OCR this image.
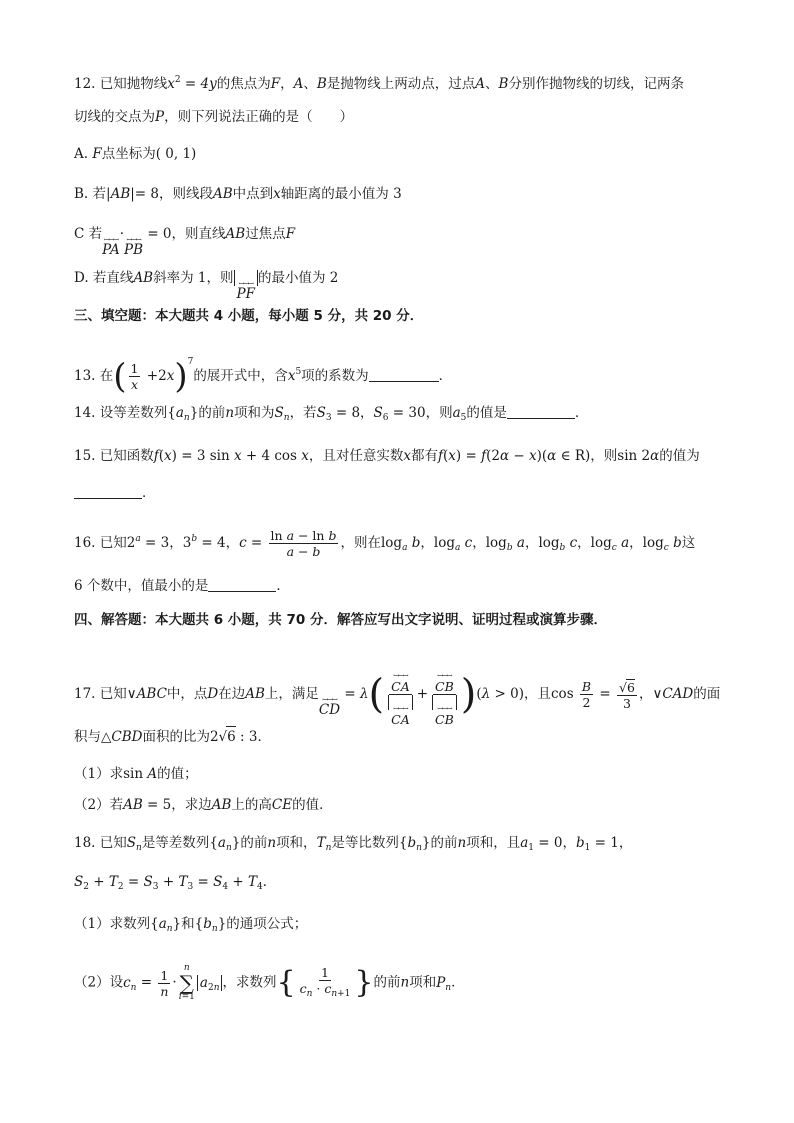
12. 已知抛物线$x^2 = 4y$的焦点为F，A、B是抛物线上两动点，过点A、B分别作抛物线的切线，记两条
切线的交点为P，则下列说法正确的是（　　）
A. F点坐标为( 0, 1)
B. 若|AB|= 8，则线段AB中点到x轴距离的最小值为 3
C 若 ꟷꟷꟷ
PA
· ꟷꟷꟷ
PB
= 0，则直线AB过焦点F
D. 若直线AB斜率为 1，则 ꟷꟷꟷ
PF
的最小值为 2
三、填空题：本大题共 4 小题，每小题 5 分，共 20 分．
13. 在( $\frac{1}{x} +2x)^7$的展开式中，含$x^5$项的系数为	．
14. 设等差数列$\{a_n\}$的前n项和为$S_n$，若$S_3 = 8$，$S_6 = 30$，则$a_5$的值是	．
15. 已知函数f(x) = 3 sin x + 4 cos x，且对任意实数x都有f(x) = f(2α − x)(α ∈ R)，则sin 2α的值为
．
16. 已知$2^a = 3$，$3^b = 4$，$c = \frac{\text{ln a − ln b}}{a - b}$ ，则在$\log_a b$，$\log_a c$，$\log_b a$，$\log_b c$，$\log_c a$，$\log_c b$这
6 个数中，值最小的是	．
四、解答题：本大题共 6 小题，共 70 分．解答应写出文字说明、证明过程或演算步骤．
17. 已知∨ABC中，点D在边AB上，满足 ꟷꟷꟷ
CD
= λ( ꟷꟷꟷ
CA
ꟷꟷꟷ
CA + ꟷꟷꟷ
CB
ꟷꟷꟷ
CB )(λ > 0)，且$\cos \frac{B}{2} = \frac{√6}{3}$ ，∨CAD的面
积与△CBD面积的比为2√6 : 3．
（1）求sin A的值；
（2）若AB = 5，求边AB上的高CE的值．
18. 已知$S_n$是等差数列$\{a_n\}$的前n项和，$T_n$是等比数列$\{b_n\}$的前n项和，且$a_1 = 0$，$b_1 = 1$，
$S_2 + T_2 = S_3 + T_3 = S_4 + T_4$．
（1）求数列$\{a_n\}$和$\{b_n\}$的通项公式；
（2）设$c_n = \frac{1}{n}$ ·
n
∑
i=1
$a_{2n}$ ，求数列{ $\frac{1}{c_n \cdot c_{n+1}}$ }的前n项和$P_n$．
